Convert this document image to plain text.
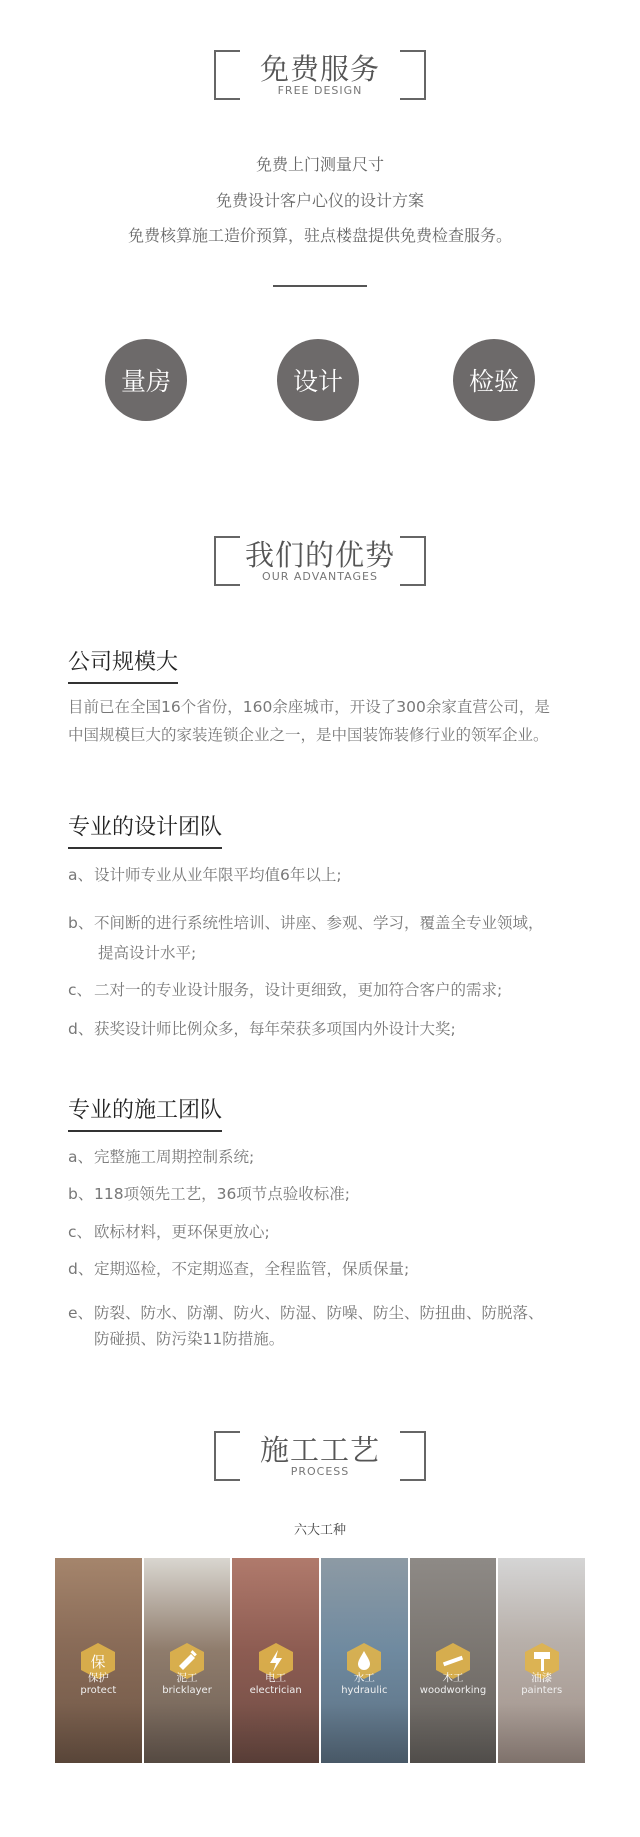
免费服务
FREE DESIGN
免费上门测量尺寸
免费设计客户心仪的设计方案
免费核算施工造价预算，驻点楼盘提供免费检查服务。
量房	设计	检验
我们的优势
OUR ADVANTAGES
公司规模大
目前已在全国16个省份，160余座城市，开设了300余家直营公司，是
中国规模巨大的家装连锁企业之一，是中国装饰装修行业的领军企业。
专业的设计团队
a、 设计师专业从业年限平均值6年以上;
b、 不间断的进行系统性培训、讲座、参观、学习，覆盖全专业领域，
提高设计水平;
c、 二对一的专业设计服务，设计更细致，更加符合客户的需求;
d、 获奖设计师比例众多，每年荣获多项国内外设计大奖;
专业的施工团队
a、 完整施工周期控制系统;
b、 118项领先工艺，36项节点验收标准;
c、 欧标材料，更环保更放心;
d、 定期巡检，不定期巡查，全程监管，保质保量;
e、 防裂、防水、防潮、防火、防湿、防噪、防尘、防扭曲、防脱落、
防碰损、防污染11防措施。
施工工艺
PROCESS
六大工种
保
保护
protect
泥工
bricklayer
电工
electrician
水工
hydraulic
木工
woodworking
油漆
painters
